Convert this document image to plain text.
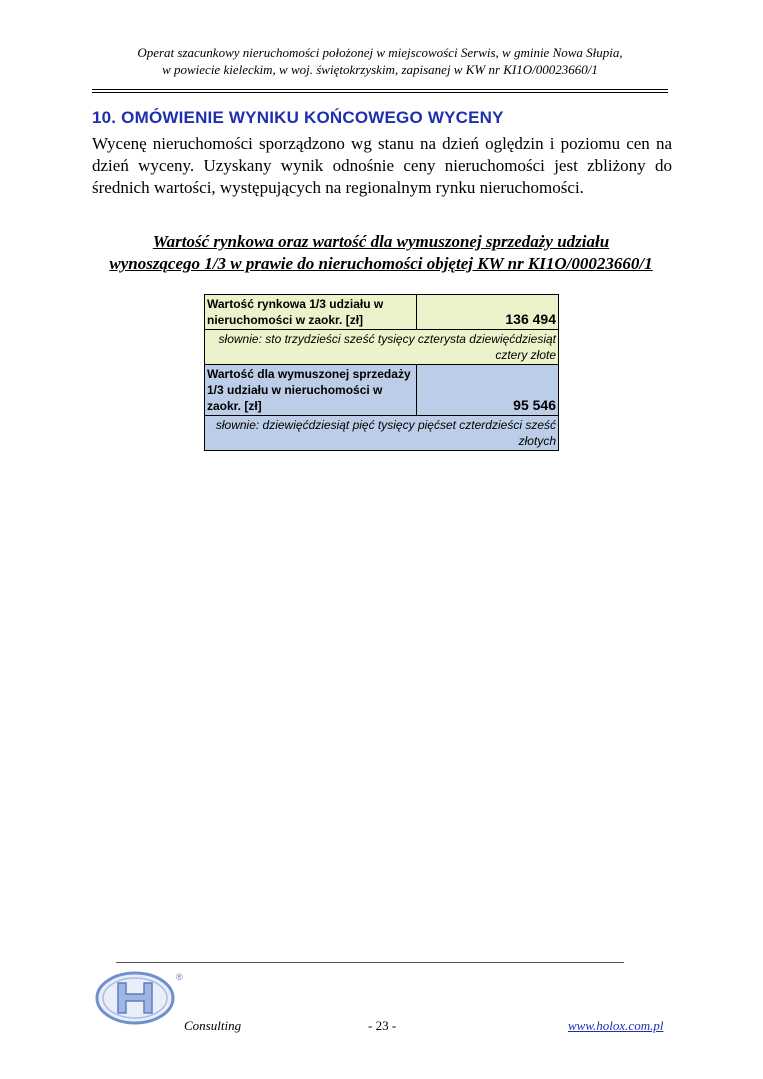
Operat szacunkowy nieruchomości położonej w miejscowości Serwis, w gminie Nowa Słupia,
w powiecie kieleckim, w woj. świętokrzyskim, zapisanej w KW nr KI1O/00023660/1
10. OMÓWIENIE WYNIKU KOŃCOWEGO WYCENY
Wycenę nieruchomości sporządzono wg stanu na dzień oględzin i poziomu cen na dzień wyceny. Uzyskany wynik odnośnie ceny nieruchomości jest zbliżony do średnich wartości, występujących na regionalnym rynku nieruchomości.
Wartość rynkowa oraz wartość dla wymuszonej sprzedaży udziału
wynoszącego 1/3 w prawie do nieruchomości objętej KW nr KI1O/00023660/1
Wartość rynkowa 1/3 udziału w nieruchomości w zaokr. [zł]	136 494
słownie: sto trzydzieści sześć tysięcy czterysta dziewięćdziesiąt cztery złote	
Wartość dla wymuszonej sprzedaży 1/3 udziału w nieruchomości w zaokr. [zł]	95 546
słownie: dziewięćdziesiąt pięć tysięcy pięćset czterdzieści sześć złotych	
®
Consulting	- 23 -	www.holox.com.pl
